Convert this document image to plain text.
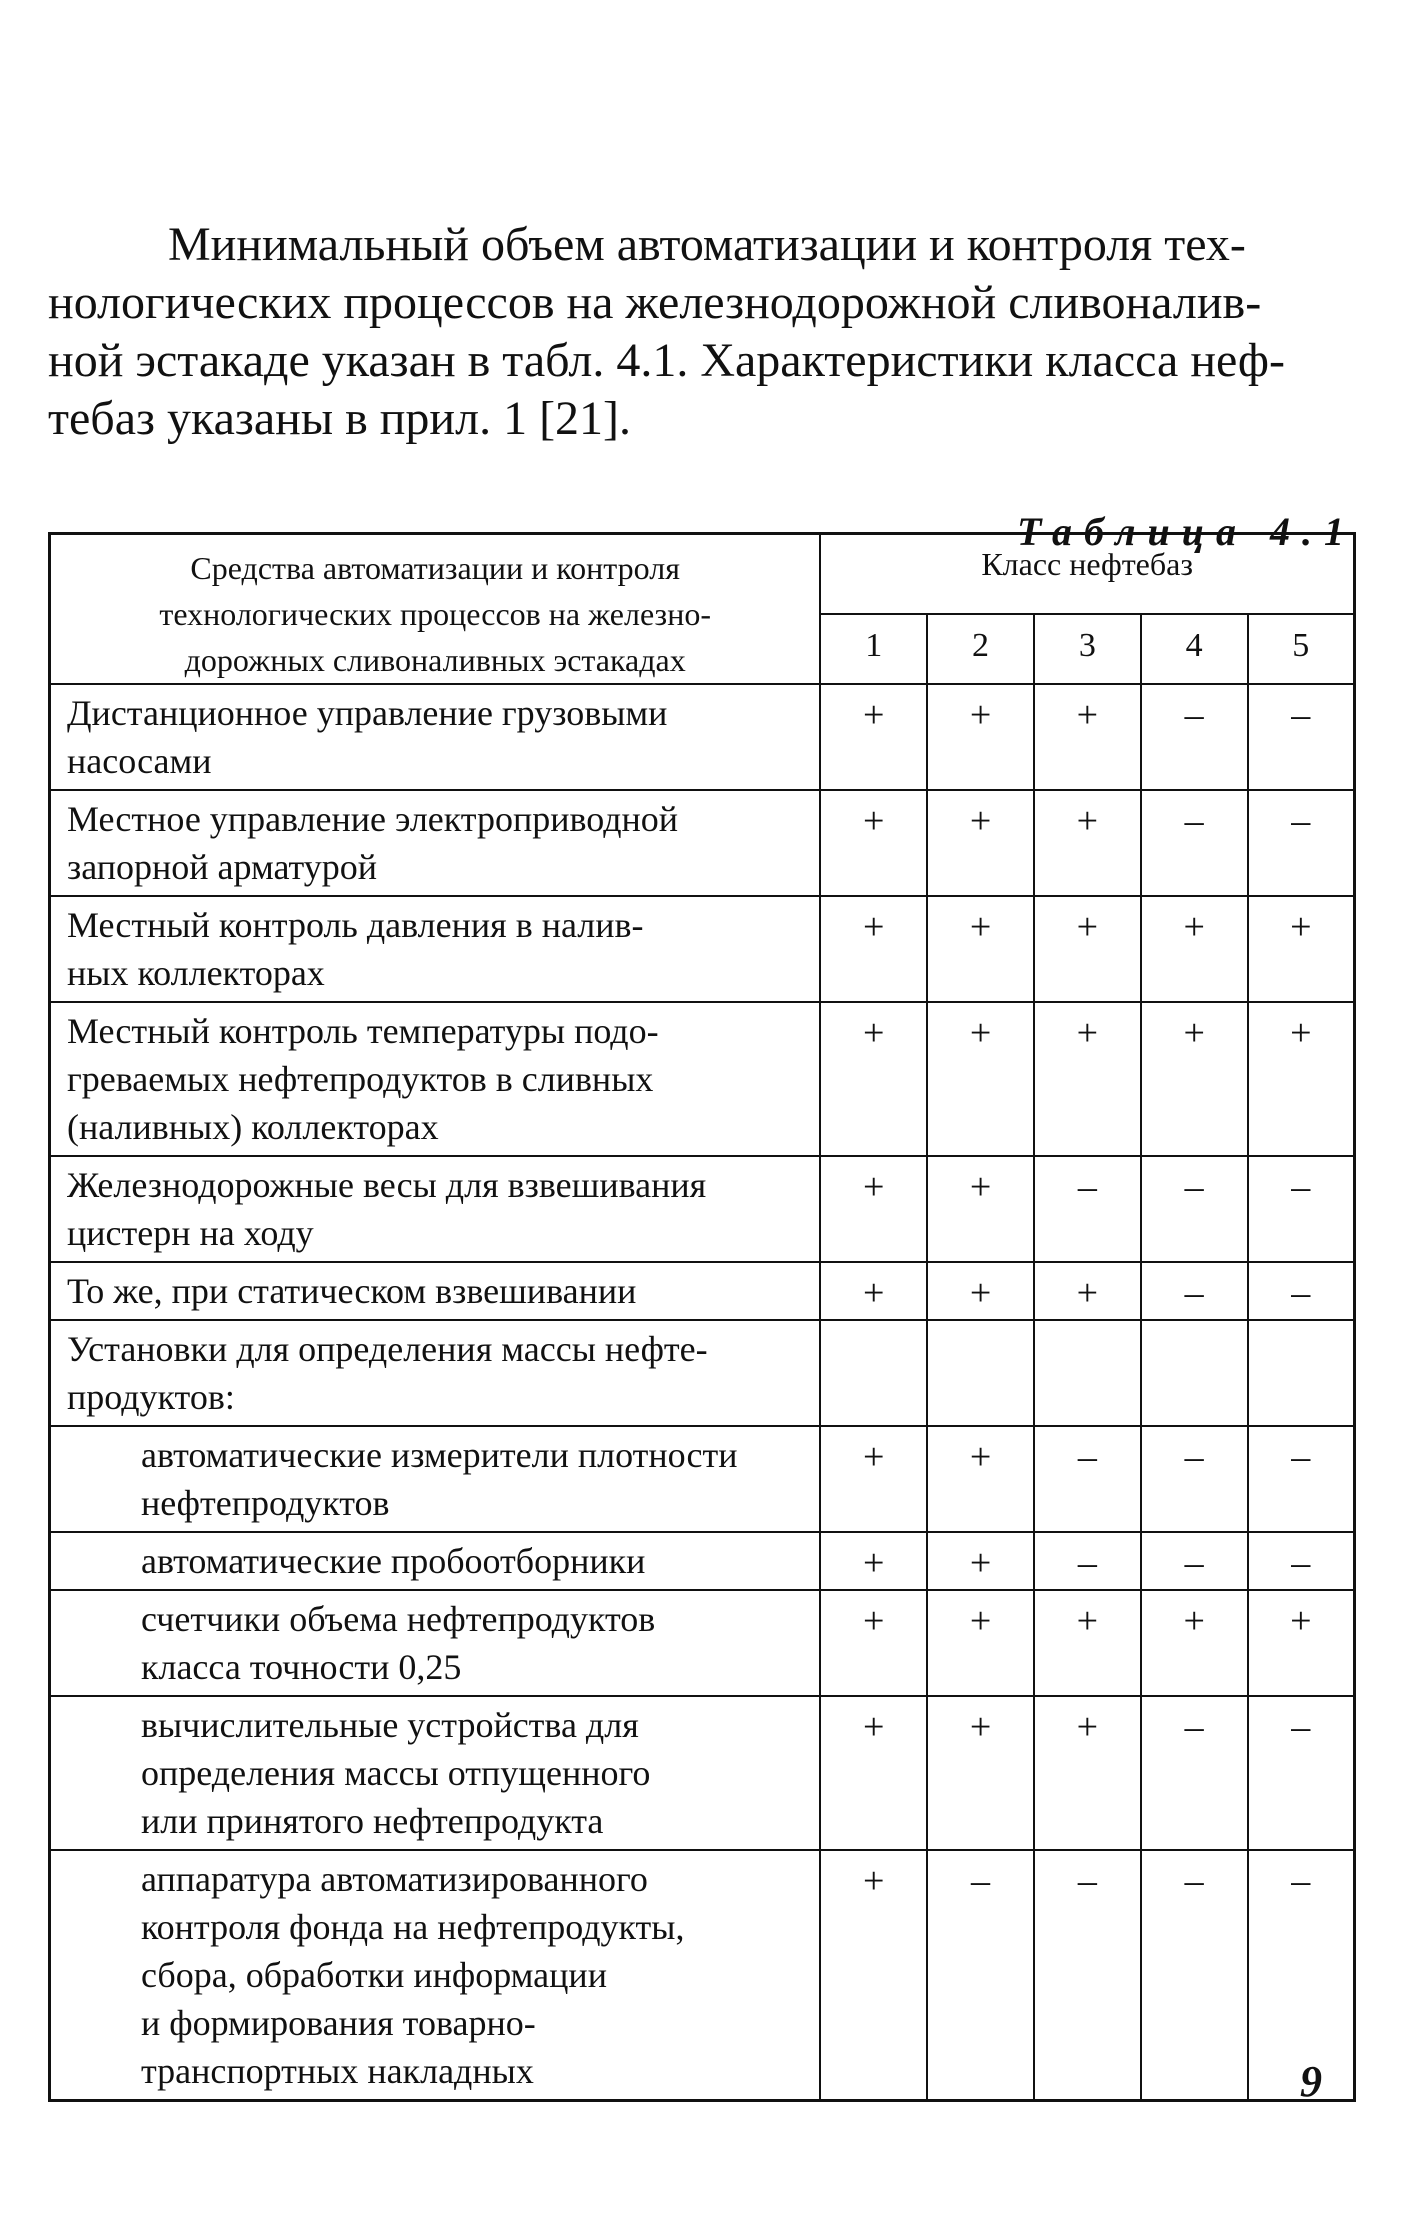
Минимальный объем автоматизации и контроля тех-
нологических процессов на железнодорожной сливоналив-
ной эстакаде указан в табл. 4.1. Характеристики класса неф-
тебаз указаны в прил. 1 [21].
Таблица 4.1
Средства автоматизации и контроля
технологических процессов на железно-
дорожных сливоналивных эстакадах	Класс нефтебаз				
	1	2	3	4	5

Дистанционное управление грузовыми
насосами	+	+	+	–	–

Местное управление электроприводной
запорной арматурой	+	+	+	–	–

Местный контроль давления в налив-
ных коллекторах	+	+	+	+	+

Местный контроль температуры подо-
греваемых нефтепродуктов в сливных
(наливных) коллекторах	+	+	+	+	+

Железнодорожные весы для взвешивания
цистерн на ходу	+	+	–	–	–

То же, при статическом взвешивании	+	+	+	–	–

Установки для определения массы нефте-
продуктов:					

автоматические измерители плотности
нефтепродуктов	+	+	–	–	–

автоматические пробоотборники	+	+	–	–	–

счетчики объема нефтепродуктов
класса точности 0,25	+	+	+	+	+

вычислительные устройства для
определения массы отпущенного
или принятого нефтепродукта	+	+	+	–	–

аппаратура автоматизированного
контроля фонда на нефтепродукты,
сбора, обработки информации
и формирования товарно-
транспортных накладных	+	–	–	–	–
9
